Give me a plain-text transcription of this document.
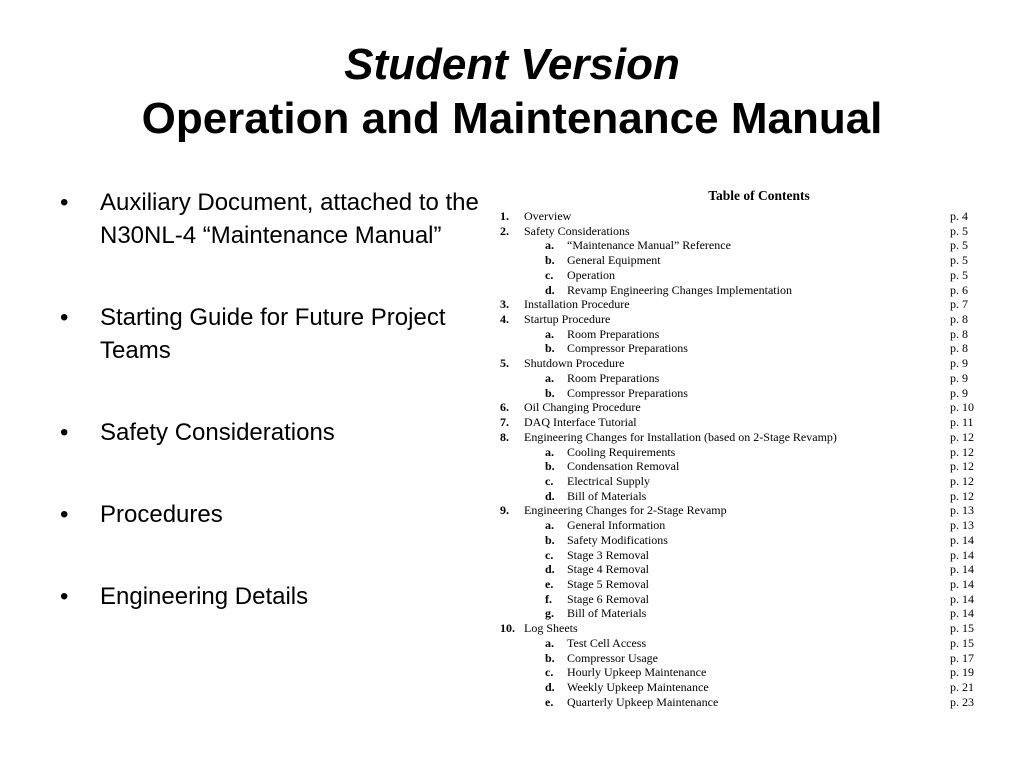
Student Version
Operation and Maintenance Manual
• Auxiliary Document, attached to the N30NL-4 “Maintenance Manual”
• Starting Guide for Future Project Teams
• Safety Considerations
• Procedures
• Engineering Details
Table of Contents
1. Overview	p. 4
2. Safety Considerations	p. 5
a. “Maintenance Manual” Reference	p. 5
b. General Equipment	p. 5
c. Operation	p. 5
d. Revamp Engineering Changes Implementation	p. 6
3. Installation Procedure	p. 7
4. Startup Procedure	p. 8
a. Room Preparations	p. 8
b. Compressor Preparations	p. 8
5. Shutdown Procedure	p. 9
a. Room Preparations	p. 9
b. Compressor Preparations	p. 9
6. Oil Changing Procedure	p. 10
7. DAQ Interface Tutorial	p. 11
8. Engineering Changes for Installation (based on 2-Stage Revamp)	p. 12
a. Cooling Requirements	p. 12
b. Condensation Removal	p. 12
c. Electrical Supply	p. 12
d. Bill of Materials	p. 12
9. Engineering Changes for 2-Stage Revamp	p. 13
a. General Information	p. 13
b. Safety Modifications	p. 14
c. Stage 3 Removal	p. 14
d. Stage 4 Removal	p. 14
e. Stage 5 Removal	p. 14
f. Stage 6 Removal	p. 14
g. Bill of Materials	p. 14
10. Log Sheets	p. 15
a. Test Cell Access	p. 15
b. Compressor Usage	p. 17
c. Hourly Upkeep Maintenance	p. 19
d. Weekly Upkeep Maintenance	p. 21
e. Quarterly Upkeep Maintenance	p. 23
